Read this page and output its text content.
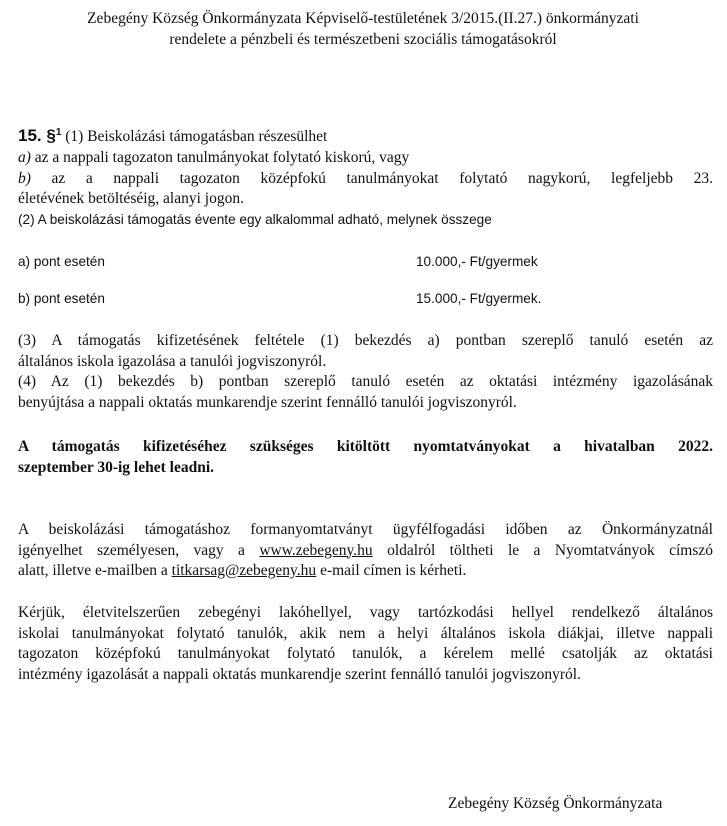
Zebegény Község Önkormányzata Képviselő-testületének 3/2015.(II.27.) önkormányzati
rendelete a pénzbeli és természetbeni szociális támogatásokról
15. §$^1$ (1) Beiskolázási támogatásban részesülhet
a) az a nappali tagozaton tanulmányokat folytató kiskorú, vagy
b) az a nappali tagozaton középfokú tanulmányokat folytató nagykorú, legfeljebb 23.
életévének betöltéséig, alanyi jogon.
(2) A beiskolázási támogatás évente egy alkalommal adható, melynek összege
a) pont esetén	10.000,- Ft/gyermek
b) pont esetén	15.000,- Ft/gyermek.
(3) A támogatás kifizetésének feltétele (1) bekezdés a) pontban szereplő tanuló esetén az
általános iskola igazolása a tanulói jogviszonyról.
(4) Az (1) bekezdés b) pontban szereplő tanuló esetén az oktatási intézmény igazolásának
benyújtása a nappali oktatás munkarendje szerint fennálló tanulói jogviszonyról.
A támogatás kifizetéséhez szükséges kitöltött nyomtatványokat a hivatalban 2022.
szeptember 30-ig lehet leadni.
A beiskolázási támogatáshoz formanyomtatványt ügyfélfogadási időben az Önkormányzatnál
igényelhet személyesen, vagy a www.zebegeny.hu oldalról töltheti le a Nyomtatványok címszó
alatt, illetve e-mailben a titkarsag@zebegeny.hu e-mail címen is kérheti.
Kérjük, életvitelszerűen zebegényi lakóhellyel, vagy tartózkodási hellyel rendelkező általános
iskolai tanulmányokat folytató tanulók, akik nem a helyi általános iskola diákjai, illetve nappali
tagozaton középfokú tanulmányokat folytató tanulók, a kérelem mellé csatolják az oktatási
intézmény igazolását a nappali oktatás munkarendje szerint fennálló tanulói jogviszonyról.
Zebegény Község Önkormányzata
